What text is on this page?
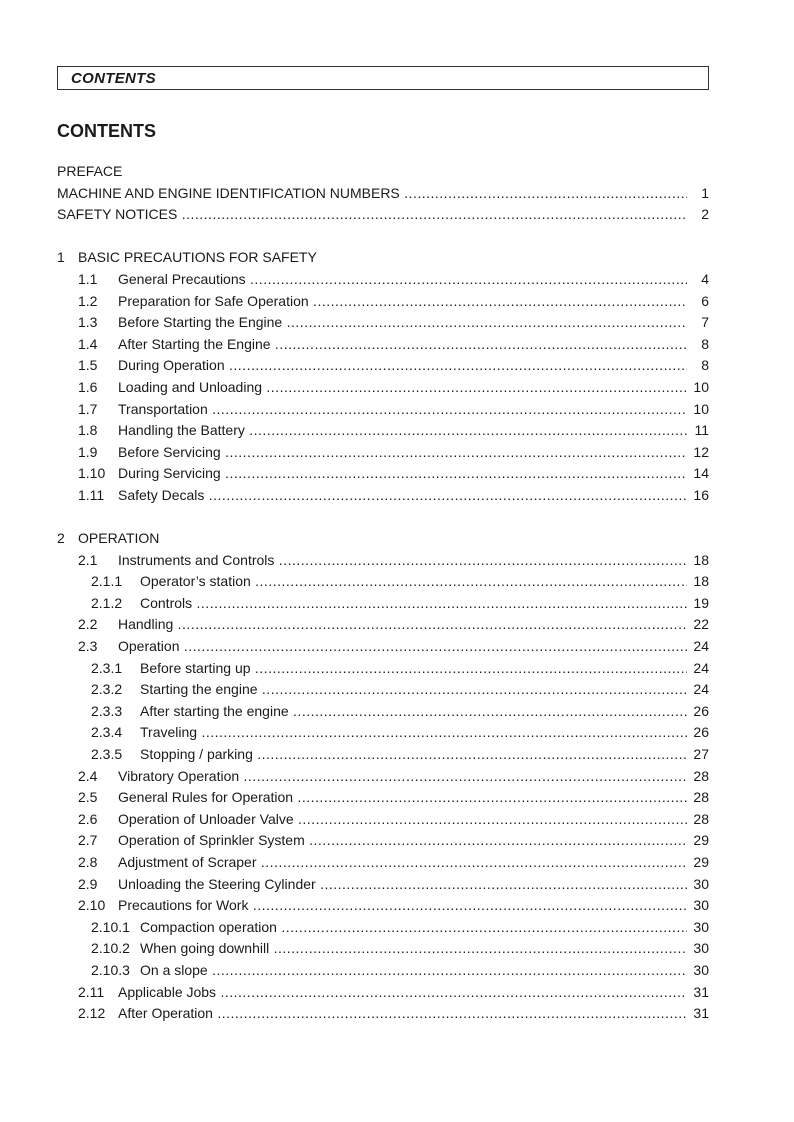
CONTENTS
CONTENTS
PREFACE
MACHINE AND ENGINE IDENTIFICATION NUMBERS .....	1
SAFETY NOTICES .....	2
1 BASIC PRECAUTIONS FOR SAFETY
1.1 General Precautions .....	4
1.2 Preparation for Safe Operation .....	6
1.3 Before Starting the Engine .....	7
1.4 After Starting the Engine .....	8
1.5 During Operation .....	8
1.6 Loading and Unloading .....	10
1.7 Transportation .....	10
1.8 Handling the Battery .....	11
1.9 Before Servicing .....	12
1.10 During Servicing .....	14
1.11 Safety Decals .....	16
2 OPERATION
2.1 Instruments and Controls .....	18
2.1.1 Operator’s station .....	18
2.1.2 Controls .....	19
2.2 Handling .....	22
2.3 Operation .....	24
2.3.1 Before starting up .....	24
2.3.2 Starting the engine .....	24
2.3.3 After starting the engine .....	26
2.3.4 Traveling .....	26
2.3.5 Stopping / parking .....	27
2.4 Vibratory Operation .....	28
2.5 General Rules for Operation .....	28
2.6 Operation of Unloader Valve .....	28
2.7 Operation of Sprinkler System .....	29
2.8 Adjustment of Scraper .....	29
2.9 Unloading the Steering Cylinder .....	30
2.10 Precautions for Work .....	30
2.10.1 Compaction operation .....	30
2.10.2 When going downhill .....	30
2.10.3 On a slope .....	30
2.11 Applicable Jobs .....	31
2.12 After Operation .....	31
